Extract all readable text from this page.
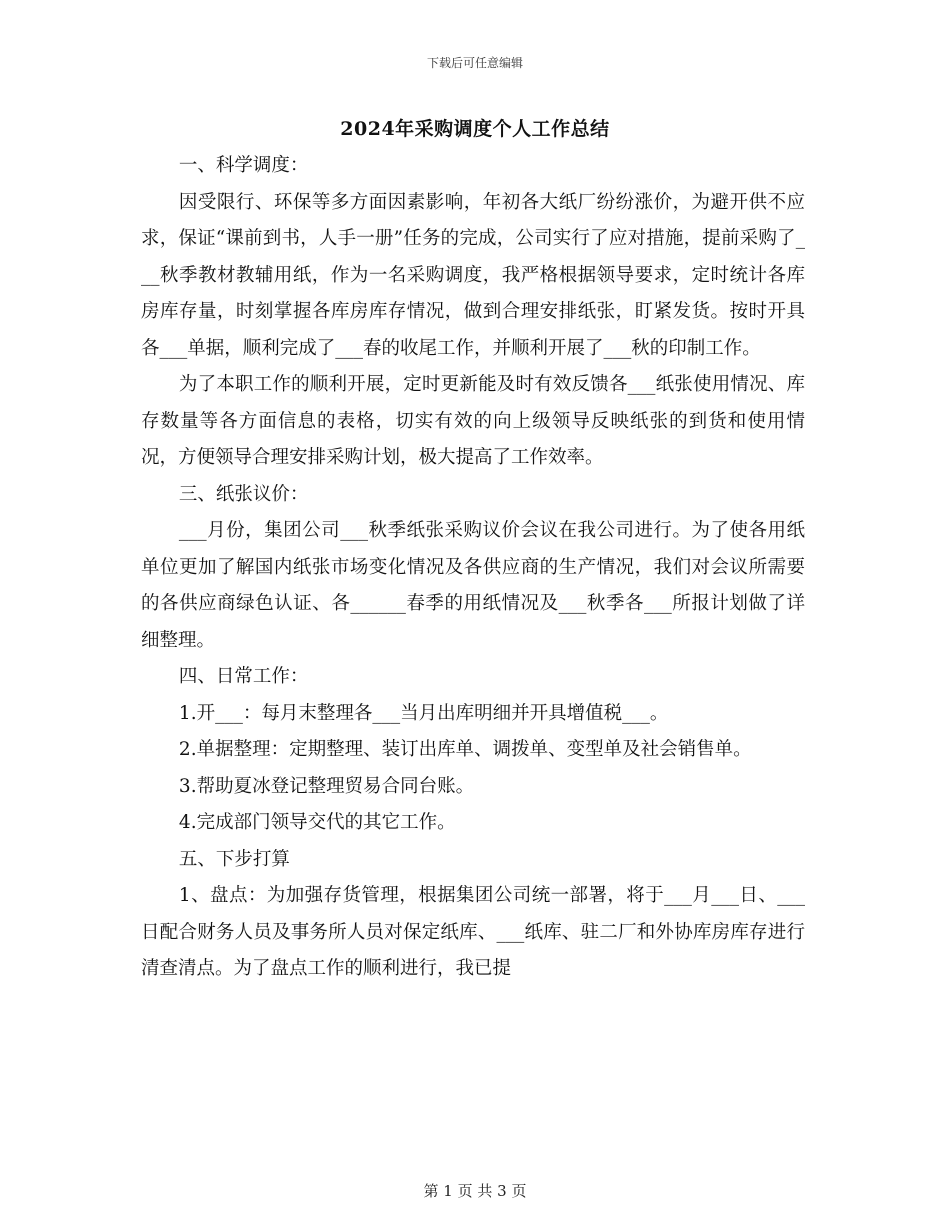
下载后可任意编辑
2024年采购调度个人工作总结

一、科学调度：

因受限行、环保等多方面因素影响，年初各大纸厂纷纷涨价，为避开供不应求，保证“课前到书，人手一册”任务的完成，公司实行了应对措施，提前采购了___秋季教材教辅用纸，作为一名采购调度，我严格根据领导要求，定时统计各库房库存量，时刻掌握各库房库存情况，做到合理安排纸张，盯紧发货。按时开具各___单据，顺利完成了___春的收尾工作，并顺利开展了___秋的印制工作。

为了本职工作的顺利开展，定时更新能及时有效反馈各___纸张使用情况、库存数量等各方面信息的表格，切实有效的向上级领导反映纸张的到货和使用情况，方便领导合理安排采购计划，极大提高了工作效率。

三、纸张议价：

___月份，集团公司___秋季纸张采购议价会议在我公司进行。为了使各用纸单位更加了解国内纸张市场变化情况及各供应商的生产情况，我们对会议所需要的各供应商绿色认证、各______春季的用纸情况及___秋季各___所报计划做了详细整理。

四、日常工作：

1.开___：每月末整理各___当月出库明细并开具增值税___。

2.单据整理：定期整理、装订出库单、调拨单、变型单及社会销售单。

3.帮助夏冰登记整理贸易合同台账。

4.完成部门领导交代的其它工作。

五、下步打算

1、盘点：为加强存货管理，根据集团公司统一部署，将于___月___日、___日配合财务人员及事务所人员对保定纸库、___纸库、驻二厂和外协库房库存进行清查清点。为了盘点工作的顺利进行，我已提

第 1 页 共 3 页
